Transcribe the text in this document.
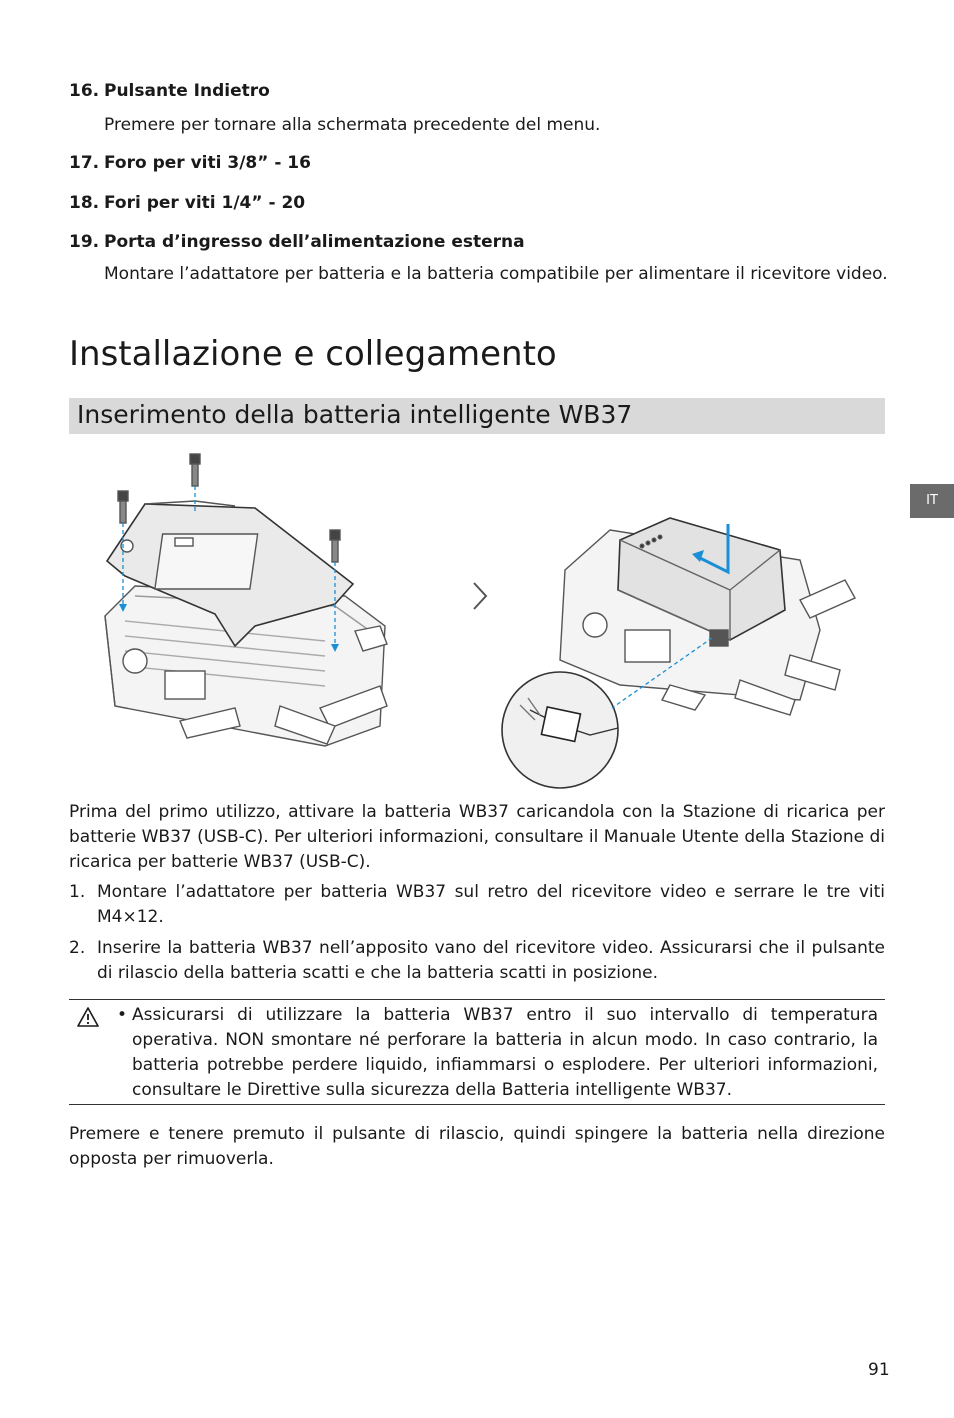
16. Pulsante Indietro
Premere per tornare alla schermata precedente del menu.
17. Foro per viti 3/8” - 16
18. Fori per viti 1/4” - 20
19. Porta d’ingresso dell’alimentazione esterna
Montare l’adattatore per batteria e la batteria compatibile per alimentare il ricevitore video.
Installazione e collegamento
Inserimento della batteria intelligente WB37
Prima del primo utilizzo, attivare la batteria WB37 caricandola con la Stazione di ricarica per batterie WB37 (USB-C). Per ulteriori informazioni, consultare il Manuale Utente della Stazione di ricarica per batterie WB37 (USB-C).
1. Montare l’adattatore per batteria WB37 sul retro del ricevitore video e serrare le tre viti M4×12.
2. Inserire la batteria WB37 nell’apposito vano del ricevitore video. Assicurarsi che il pulsante di rilascio della batteria scatti e che la batteria scatti in posizione.
• Assicurarsi di utilizzare la batteria WB37 entro il suo intervallo di temperatura operativa. NON smontare né perforare la batteria in alcun modo. In caso contrario, la batteria potrebbe perdere liquido, infiammarsi o esplodere. Per ulteriori informazioni, consultare le Direttive sulla sicurezza della Batteria intelligente WB37.
Premere e tenere premuto il pulsante di rilascio, quindi spingere la batteria nella direzione opposta per rimuoverla.
IT
91
